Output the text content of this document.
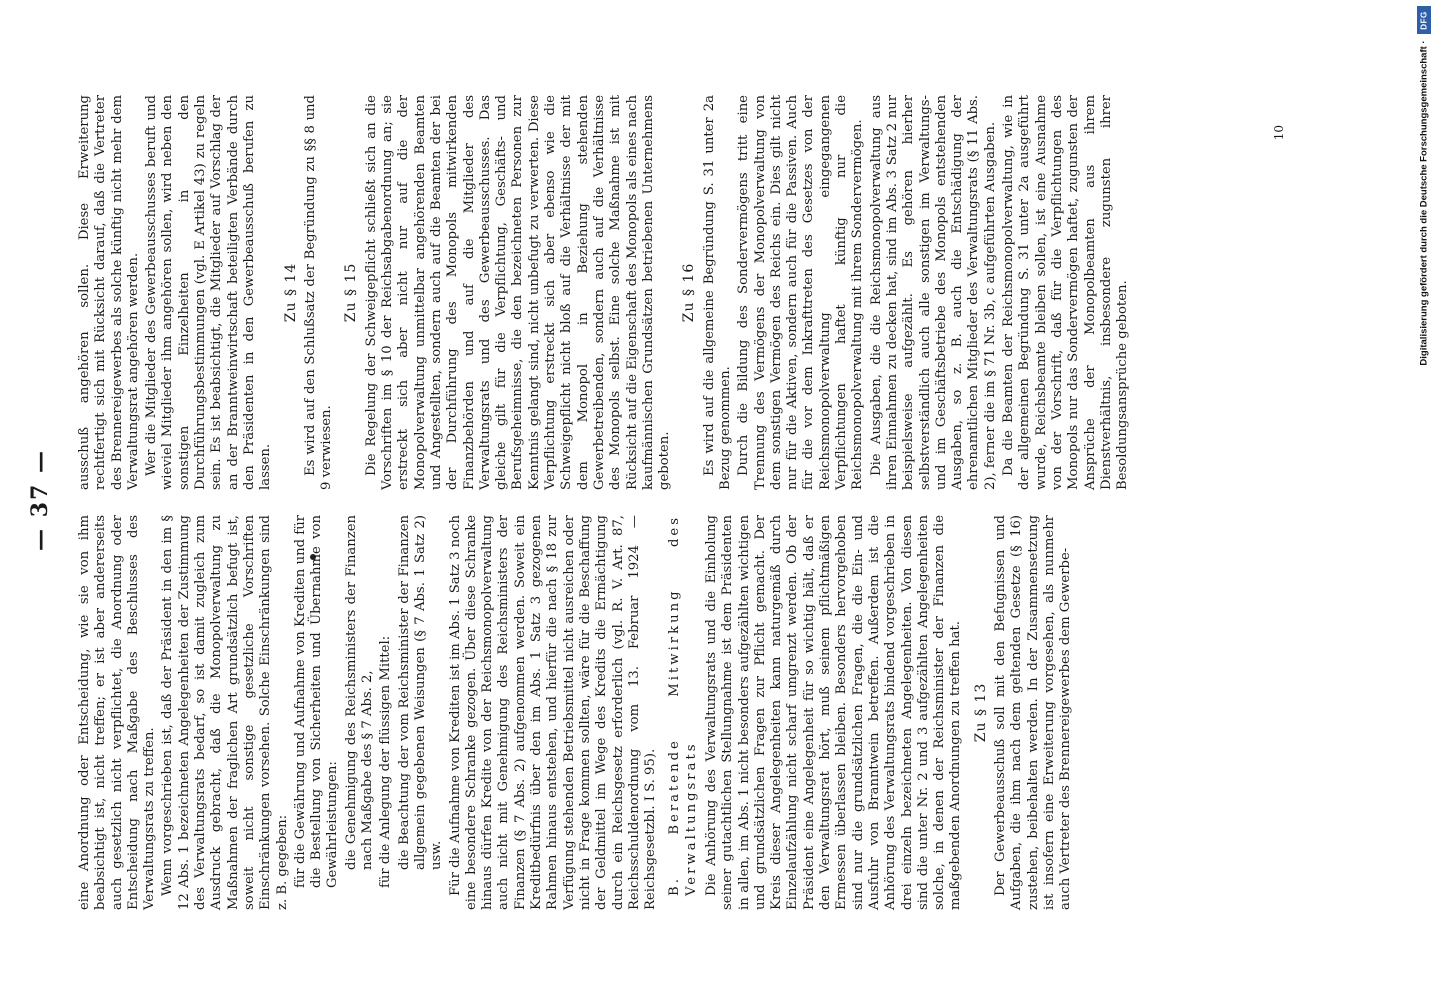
— 37 —

eine Anordnung oder Entscheidung, wie sie von ihm beabsichtigt ist, nicht treffen; er ist aber andererseits auch gesetzlich nicht verpflichtet, die Anordnung oder Entscheidung nach Maßgabe des Beschlusses des Verwaltungsrats zu treffen. Wenn vorgeschrieben ist, daß der Präsident in den im § 12 Abs. 1 bezeichneten Angelegenheiten der Zustimmung des Verwaltungsrats bedarf, so ist damit zugleich zum Ausdruck gebracht, daß die Monopolverwaltung zu Maßnahmen der fraglichen Art grundsätzlich befugt ist, soweit nicht sonstige gesetzliche Vorschriften Einschränkungen vorsehen. Solche Einschränkungen sind z. B. gegeben: für die Gewährung und Aufnahme von Krediten und für die Bestellung von Sicherheiten und Übernahme von Gewährleistungen: die Genehmigung des Reichsministers der Finanzen nach Maßgabe des § 7 Abs. 2, für die Anlegung der flüssigen Mittel: die Beachtung der vom Reichsminister der Finanzen allgemein gegebenen Weisungen (§ 7 Abs. 1 Satz 2) usw. Für die Aufnahme von Krediten ist im Abs. 1 Satz 3 noch eine besondere Schranke gezogen. Über diese Schranke hinaus dürfen Kredite von der Reichsmonopolverwaltung auch nicht mit Genehmigung des Reichsministers der Finanzen (§ 7 Abs. 2) aufgenommen werden. Soweit ein Kreditbedürfnis über den im Abs. 1 Satz 3 gezogenen Rahmen hinaus entstehen, und hierfür die nach § 18 zur Verfügung stehenden Betriebsmittel nicht ausreichen oder nicht in Frage kommen sollten, wäre für die Beschaffung der Geldmittel im Wege des Kredits die Ermächtigung durch ein Reichsgesetz erforderlich (vgl. R. V. Art. 87, Reichsschuldenordnung vom 13. Februar 1924 — Reichsgesetzbl. I S. 95). B. Beratende Mitwirkung des Verwaltungsrats Die Anhörung des Verwaltungsrats und die Einholung seiner gutachtlichen Stellungnahme ist dem Präsidenten in allen, im Abs. 1 nicht besonders aufgezählten wichtigen und grundsätzlichen Fragen zur Pflicht gemacht. Der Kreis dieser Angelegenheiten kann naturgemäß durch Einzelaufzählung nicht scharf umgrenzt werden. Ob der Präsident eine Angelegenheit für so wichtig hält, daß er den Verwaltungsrat hört, muß seinem pflichtmäßigen Ermessen überlassen bleiben. Besonders hervorgehoben sind nur die grundsätzlichen Fragen, die die Ein- und Ausfuhr von Branntwein betreffen. Außerdem ist die Anhörung des Verwaltungsrats bindend vorgeschrieben in drei einzeln bezeichneten Angelegenheiten. Von diesen sind die unter Nr. 2 und 3 aufgezählten Angelegenheiten solche, in denen der Reichsminister der Finanzen die maßgebenden Anordnungen zu treffen hat. Zu § 13 Der Gewerbeausschuß soll mit den Befugnissen und Aufgaben, die ihm nach dem geltenden Gesetze (§ 16) zustehen, beibehalten werden. In der Zusammensetzung ist insofern eine Erweiterung vorgesehen, als nunmehr auch Vertreter des Brennereigewerbes dem Gewerbe-

ausschuß angehören sollen. Diese Erweiterung rechtfertigt sich mit Rücksicht darauf, daß die Vertreter des Brennereigewerbes als solche künftig nicht mehr dem Verwaltungsrat angehören werden. Wer die Mitglieder des Gewerbeausschusses beruft und wieviel Mitglieder ihm angehören sollen, wird neben den sonstigen Einzelheiten in den Durchführungsbestimmungen (vgl. E Artikel 43) zu regeln sein. Es ist beabsichtigt, die Mitglieder auf Vorschlag der an der Branntweinwirtschaft beteiligten Verbände durch den Präsidenten in den Gewerbeausschuß berufen zu lassen.

Zu § 14 Es wird auf den Schlußsatz der Begründung zu §§ 8 und 9 verwiesen.

Zu § 15 Die Regelung der Schweigepflicht schließt sich an die Vorschriften im § 10 der Reichsabgabenordnung an; sie erstreckt sich aber nicht nur auf die der Monopolverwaltung unmittelbar angehörenden Beamten und Angestellten, sondern auch auf die Beamten der bei der Durchführung des Monopols mitwirkenden Finanzbehörden und auf die Mitglieder des Verwaltungsrats und des Gewerbeausschusses. Das gleiche gilt für die Verpflichtung, Geschäfts- und Berufsgeheimnisse, die den bezeichneten Personen zur Kenntnis gelangt sind, nicht unbefugt zu verwerten. Diese Verpflichtung erstreckt sich aber ebenso wie die Schweigepflicht nicht bloß auf die Verhältnisse der mit dem Monopol in Beziehung stehenden Gewerbetreibenden, sondern auch auf die Verhältnisse des Monopols selbst. Eine solche Maßnahme ist mit Rücksicht auf die Eigenschaft des Monopols als eines nach kaufmännischen Grundsätzen betriebenen Unternehmens geboten.

Zu § 16 Es wird auf die allgemeine Begründung S. 31 unter 2a Bezug genommen. Durch die Bildung des Sondervermögens tritt eine Trennung des Vermögens der Monopolverwaltung von dem sonstigen Vermögen des Reichs ein. Dies gilt nicht nur für die Aktiven, sondern auch für die Passiven. Auch für die vor dem Inkrafttreten des Gesetzes von der Reichsmonopolverwaltung eingegangenen Verpflichtungen haftet künftig nur die Reichsmonopolverwaltung mit ihrem Sondervermögen. Die Ausgaben, die die Reichsmonopolverwaltung aus ihren Einnahmen zu decken hat, sind im Abs. 3 Satz 2 nur beispielsweise aufgezählt. Es gehören hierher selbstverständlich auch alle sonstigen im Verwaltungs- und im Geschäftsbetriebe des Monopols entstehenden Ausgaben, so z. B. auch die Entschädigung der ehrenamtlichen Mitglieder des Verwaltungsrats (§ 11 Abs. 2), ferner die im § 71 Nr. 3b, c aufgeführten Ausgaben. Da die Beamten der Reichsmonopolverwaltung, wie in der allgemeinen Begründung S. 31 unter 2a ausgeführt wurde, Reichsbeamte bleiben sollen, ist eine Ausnahme von der Vorschrift, daß für die Verpflichtungen des Monopols nur das Sondervermögen haftet, zugunsten der Ansprüche der Monopolbeamten aus ihrem Dienstverhältnis, insbesondere zugunsten ihrer Besoldungsansprüche geboten.

10	Digitalisierung gefördert durch die Deutsche Forschungsgemeinschaft ·
DFG
